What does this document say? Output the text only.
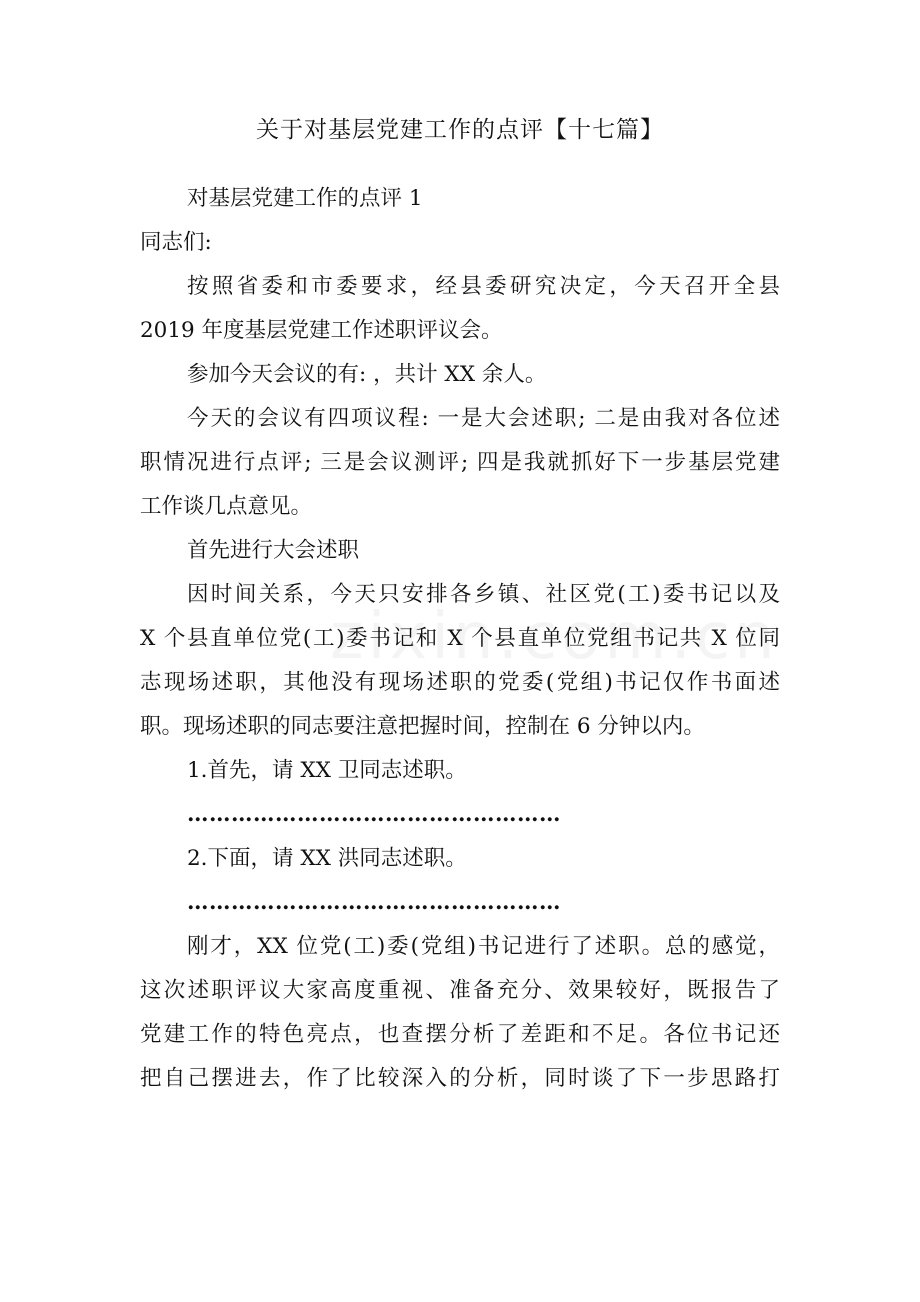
关于对基层党建工作的点评【十七篇】
对基层党建工作的点评 1
同志们:
按照省委和市委要求，经县委研究决定，今天召开全县
2019 年度基层党建工作述职评议会。
参加今天会议的有: ，共计 XX 余人。
今天的会议有四项议程: 一是大会述职; 二是由我对各位述
职情况进行点评; 三是会议测评; 四是我就抓好下一步基层党建
工作谈几点意见。
首先进行大会述职
因时间关系，今天只安排各乡镇、社区党(工)委书记以及
X 个县直单位党(工)委书记和 X 个县直单位党组书记共 X 位同
志现场述职，其他没有现场述职的党委(党组)书记仅作书面述
职。现场述职的同志要注意把握时间，控制在 6 分钟以内。
1.首先，请 XX 卫同志述职。
……………………………………………
2.下面，请 XX 洪同志述职。
……………………………………………
刚才，XX 位党(工)委(党组)书记进行了述职。总的感觉，
这次述职评议大家高度重视、准备充分、效果较好，既报告了
党建工作的特色亮点，也查摆分析了差距和不足。各位书记还
把自己摆进去，作了比较深入的分析，同时谈了下一步思路打
